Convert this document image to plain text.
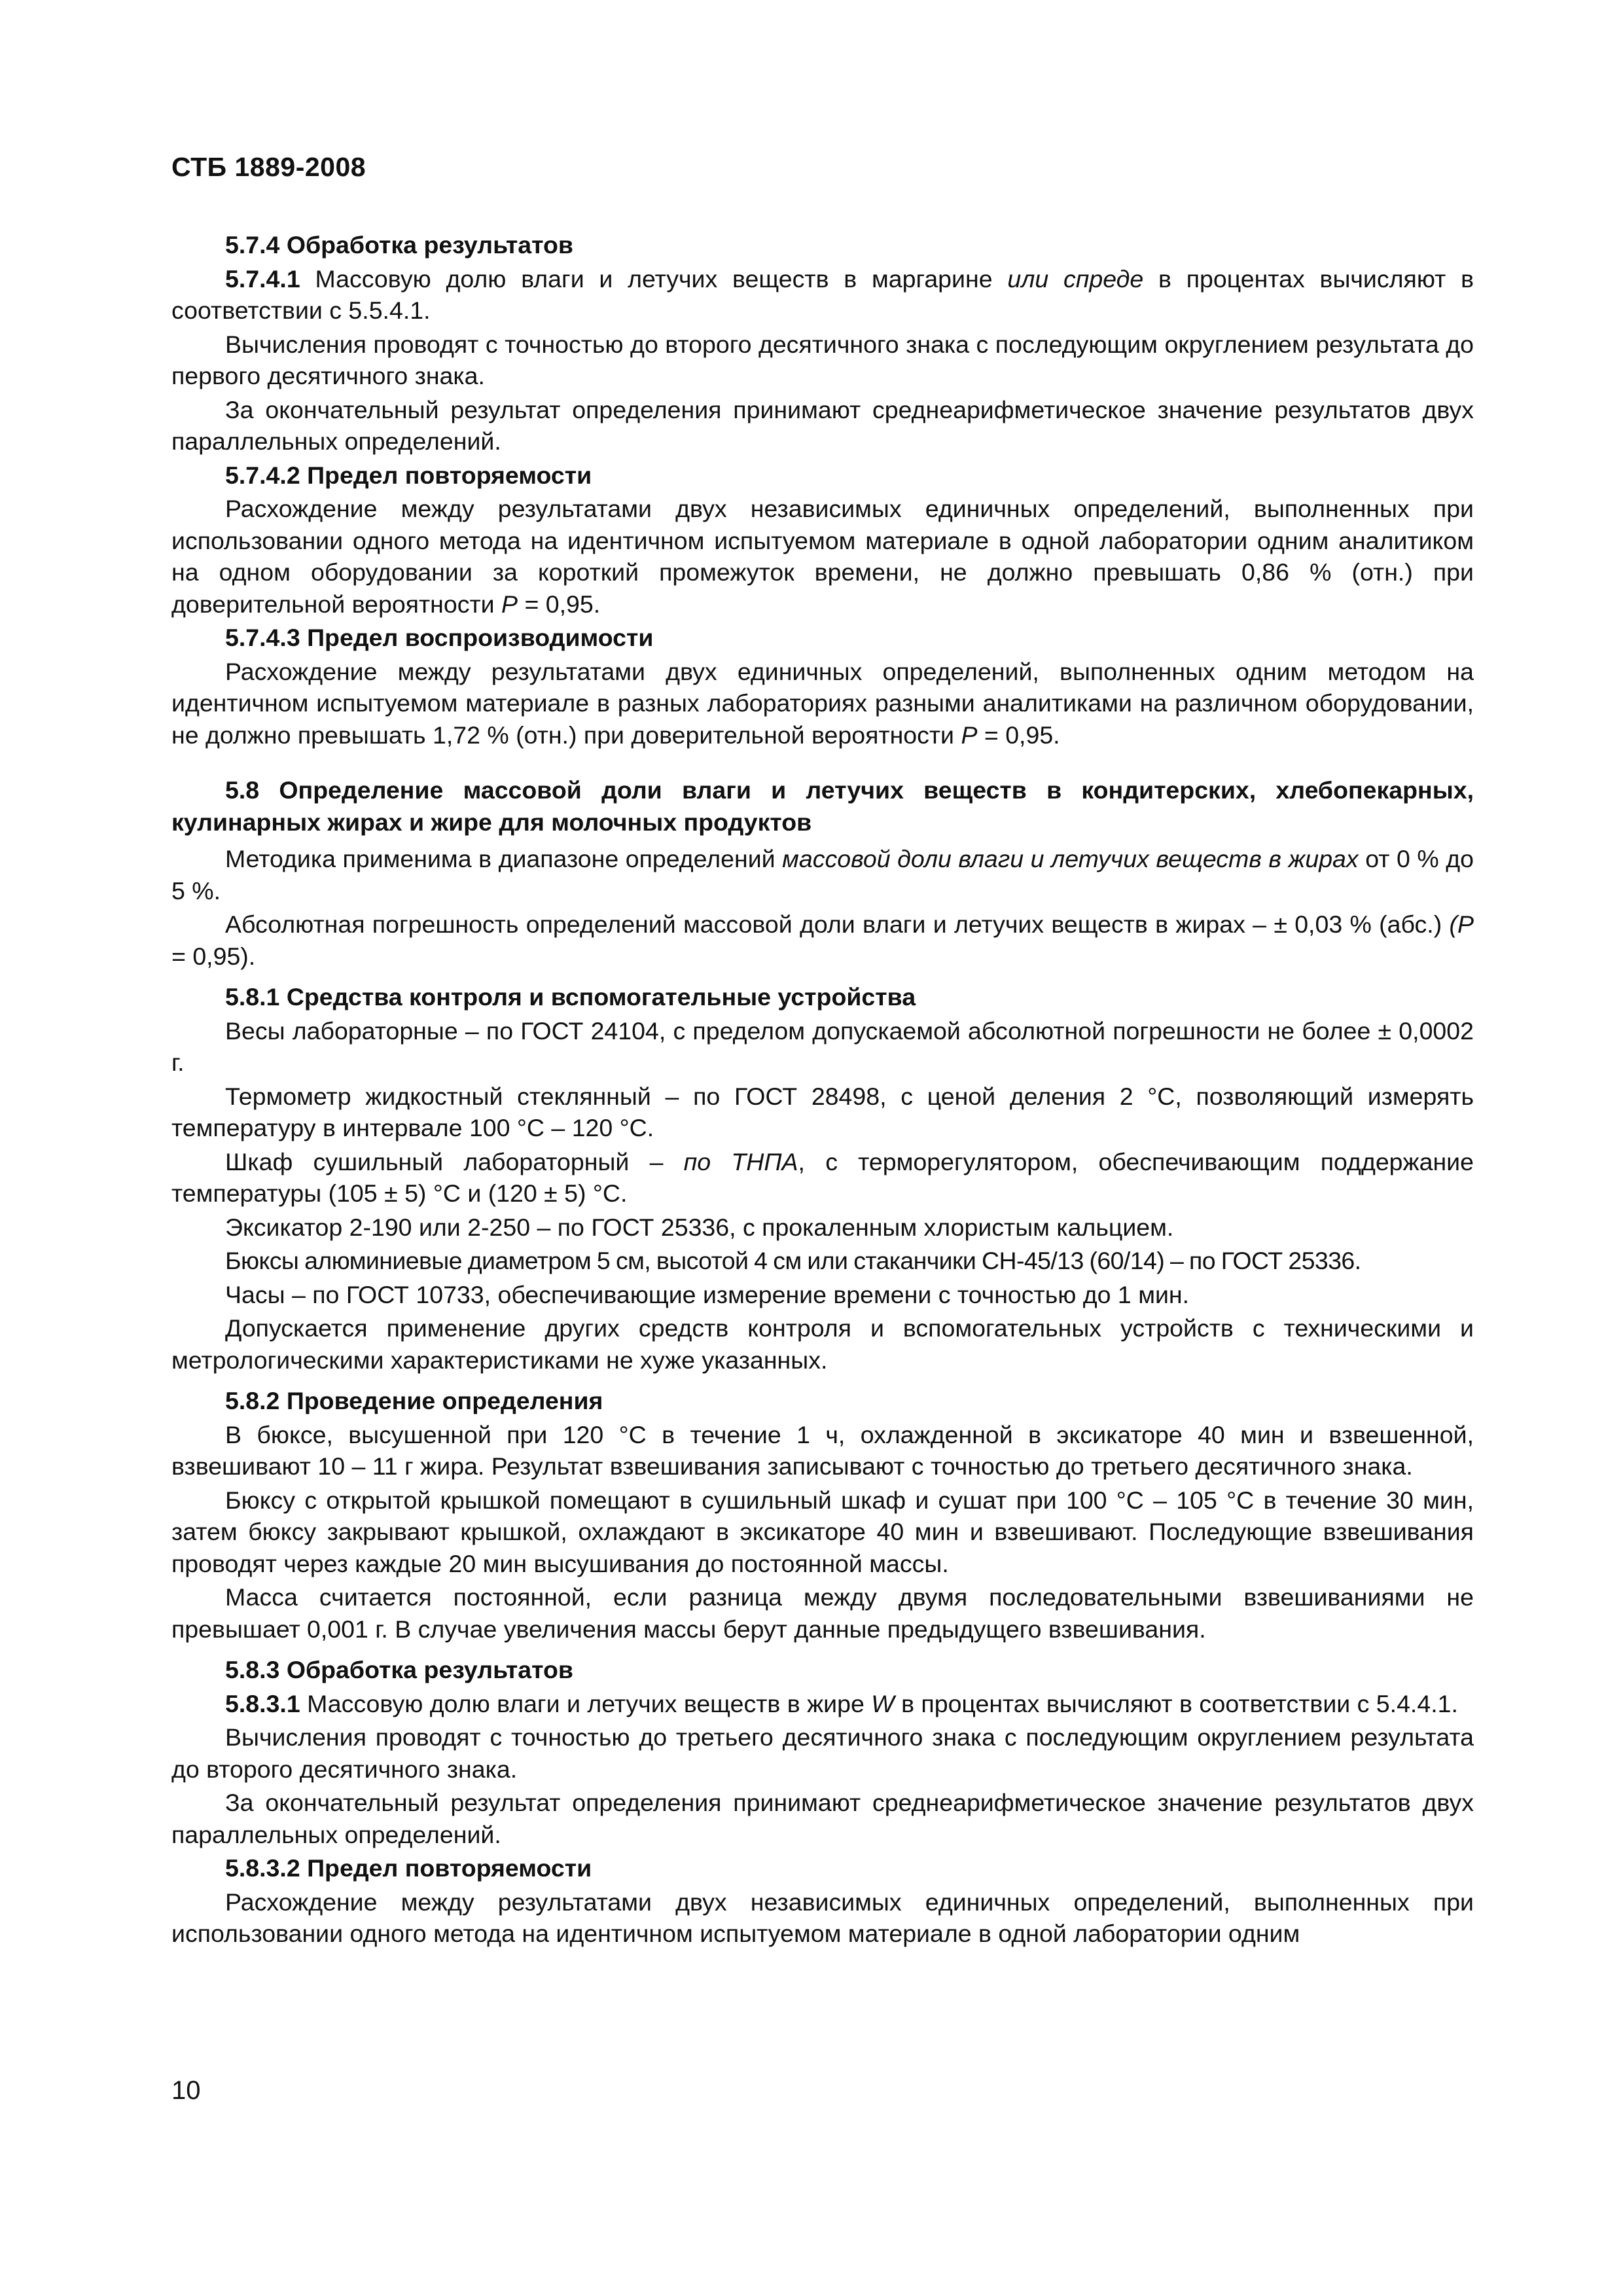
СТБ 1889-2008
5.7.4 Обработка результатов
5.7.4.1 Массовую долю влаги и летучих веществ в маргарине или спреде в процентах вычисляют в соответствии с 5.5.4.1.
Вычисления проводят с точностью до второго десятичного знака с последующим округлением результата до первого десятичного знака.
За окончательный результат определения принимают среднеарифметическое значение результатов двух параллельных определений.
5.7.4.2 Предел повторяемости
Расхождение между результатами двух независимых единичных определений, выполненных при использовании одного метода на идентичном испытуемом материале в одной лаборатории одним аналитиком на одном оборудовании за короткий промежуток времени, не должно превышать 0,86 % (отн.) при доверительной вероятности P = 0,95.
5.7.4.3 Предел воспроизводимости
Расхождение между результатами двух единичных определений, выполненных одним методом на идентичном испытуемом материале в разных лабораториях разными аналитиками на различном оборудовании, не должно превышать 1,72 % (отн.) при доверительной вероятности P = 0,95.
5.8 Определение массовой доли влаги и летучих веществ в кондитерских, хлебопекарных, кулинарных жирах и жире для молочных продуктов
Методика применима в диапазоне определений массовой доли влаги и летучих веществ в жирах от 0 % до 5 %.
Абсолютная погрешность определений массовой доли влаги и летучих веществ в жирах – ± 0,03 % (абс.) (P = 0,95).
5.8.1 Средства контроля и вспомогательные устройства
Весы лабораторные – по ГОСТ 24104, с пределом допускаемой абсолютной погрешности не более ± 0,0002 г.
Термометр жидкостный стеклянный – по ГОСТ 28498, с ценой деления 2 °С, позволяющий измерять температуру в интервале 100 °С – 120 °С.
Шкаф сушильный лабораторный – по ТНПА, с терморегулятором, обеспечивающим поддержание температуры (105 ± 5) °С и (120 ± 5) °С.
Эксикатор 2-190 или 2-250 – по ГОСТ 25336, с прокаленным хлористым кальцием.
Бюксы алюминиевые диаметром 5 см, высотой 4 см или стаканчики СН-45/13 (60/14) – по ГОСТ 25336.
Часы – по ГОСТ 10733, обеспечивающие измерение времени с точностью до 1 мин.
Допускается применение других средств контроля и вспомогательных устройств с техническими и метрологическими характеристиками не хуже указанных.
5.8.2 Проведение определения
В бюксе, высушенной при 120 °С в течение 1 ч, охлажденной в эксикаторе 40 мин и взвешенной, взвешивают 10 – 11 г жира. Результат взвешивания записывают с точностью до третьего десятичного знака.
Бюксу с открытой крышкой помещают в сушильный шкаф и сушат при 100 °С – 105 °С в течение 30 мин, затем бюксу закрывают крышкой, охлаждают в эксикаторе 40 мин и взвешивают. Последующие взвешивания проводят через каждые 20 мин высушивания до постоянной массы.
Масса считается постоянной, если разница между двумя последовательными взвешиваниями не превышает 0,001 г. В случае увеличения массы берут данные предыдущего взвешивания.
5.8.3 Обработка результатов
5.8.3.1 Массовую долю влаги и летучих веществ в жире W в процентах вычисляют в соответствии с 5.4.4.1.
Вычисления проводят с точностью до третьего десятичного знака с последующим округлением результата до второго десятичного знака.
За окончательный результат определения принимают среднеарифметическое значение результатов двух параллельных определений.
5.8.3.2 Предел повторяемости
Расхождение между результатами двух независимых единичных определений, выполненных при использовании одного метода на идентичном испытуемом материале в одной лаборатории одним
10
